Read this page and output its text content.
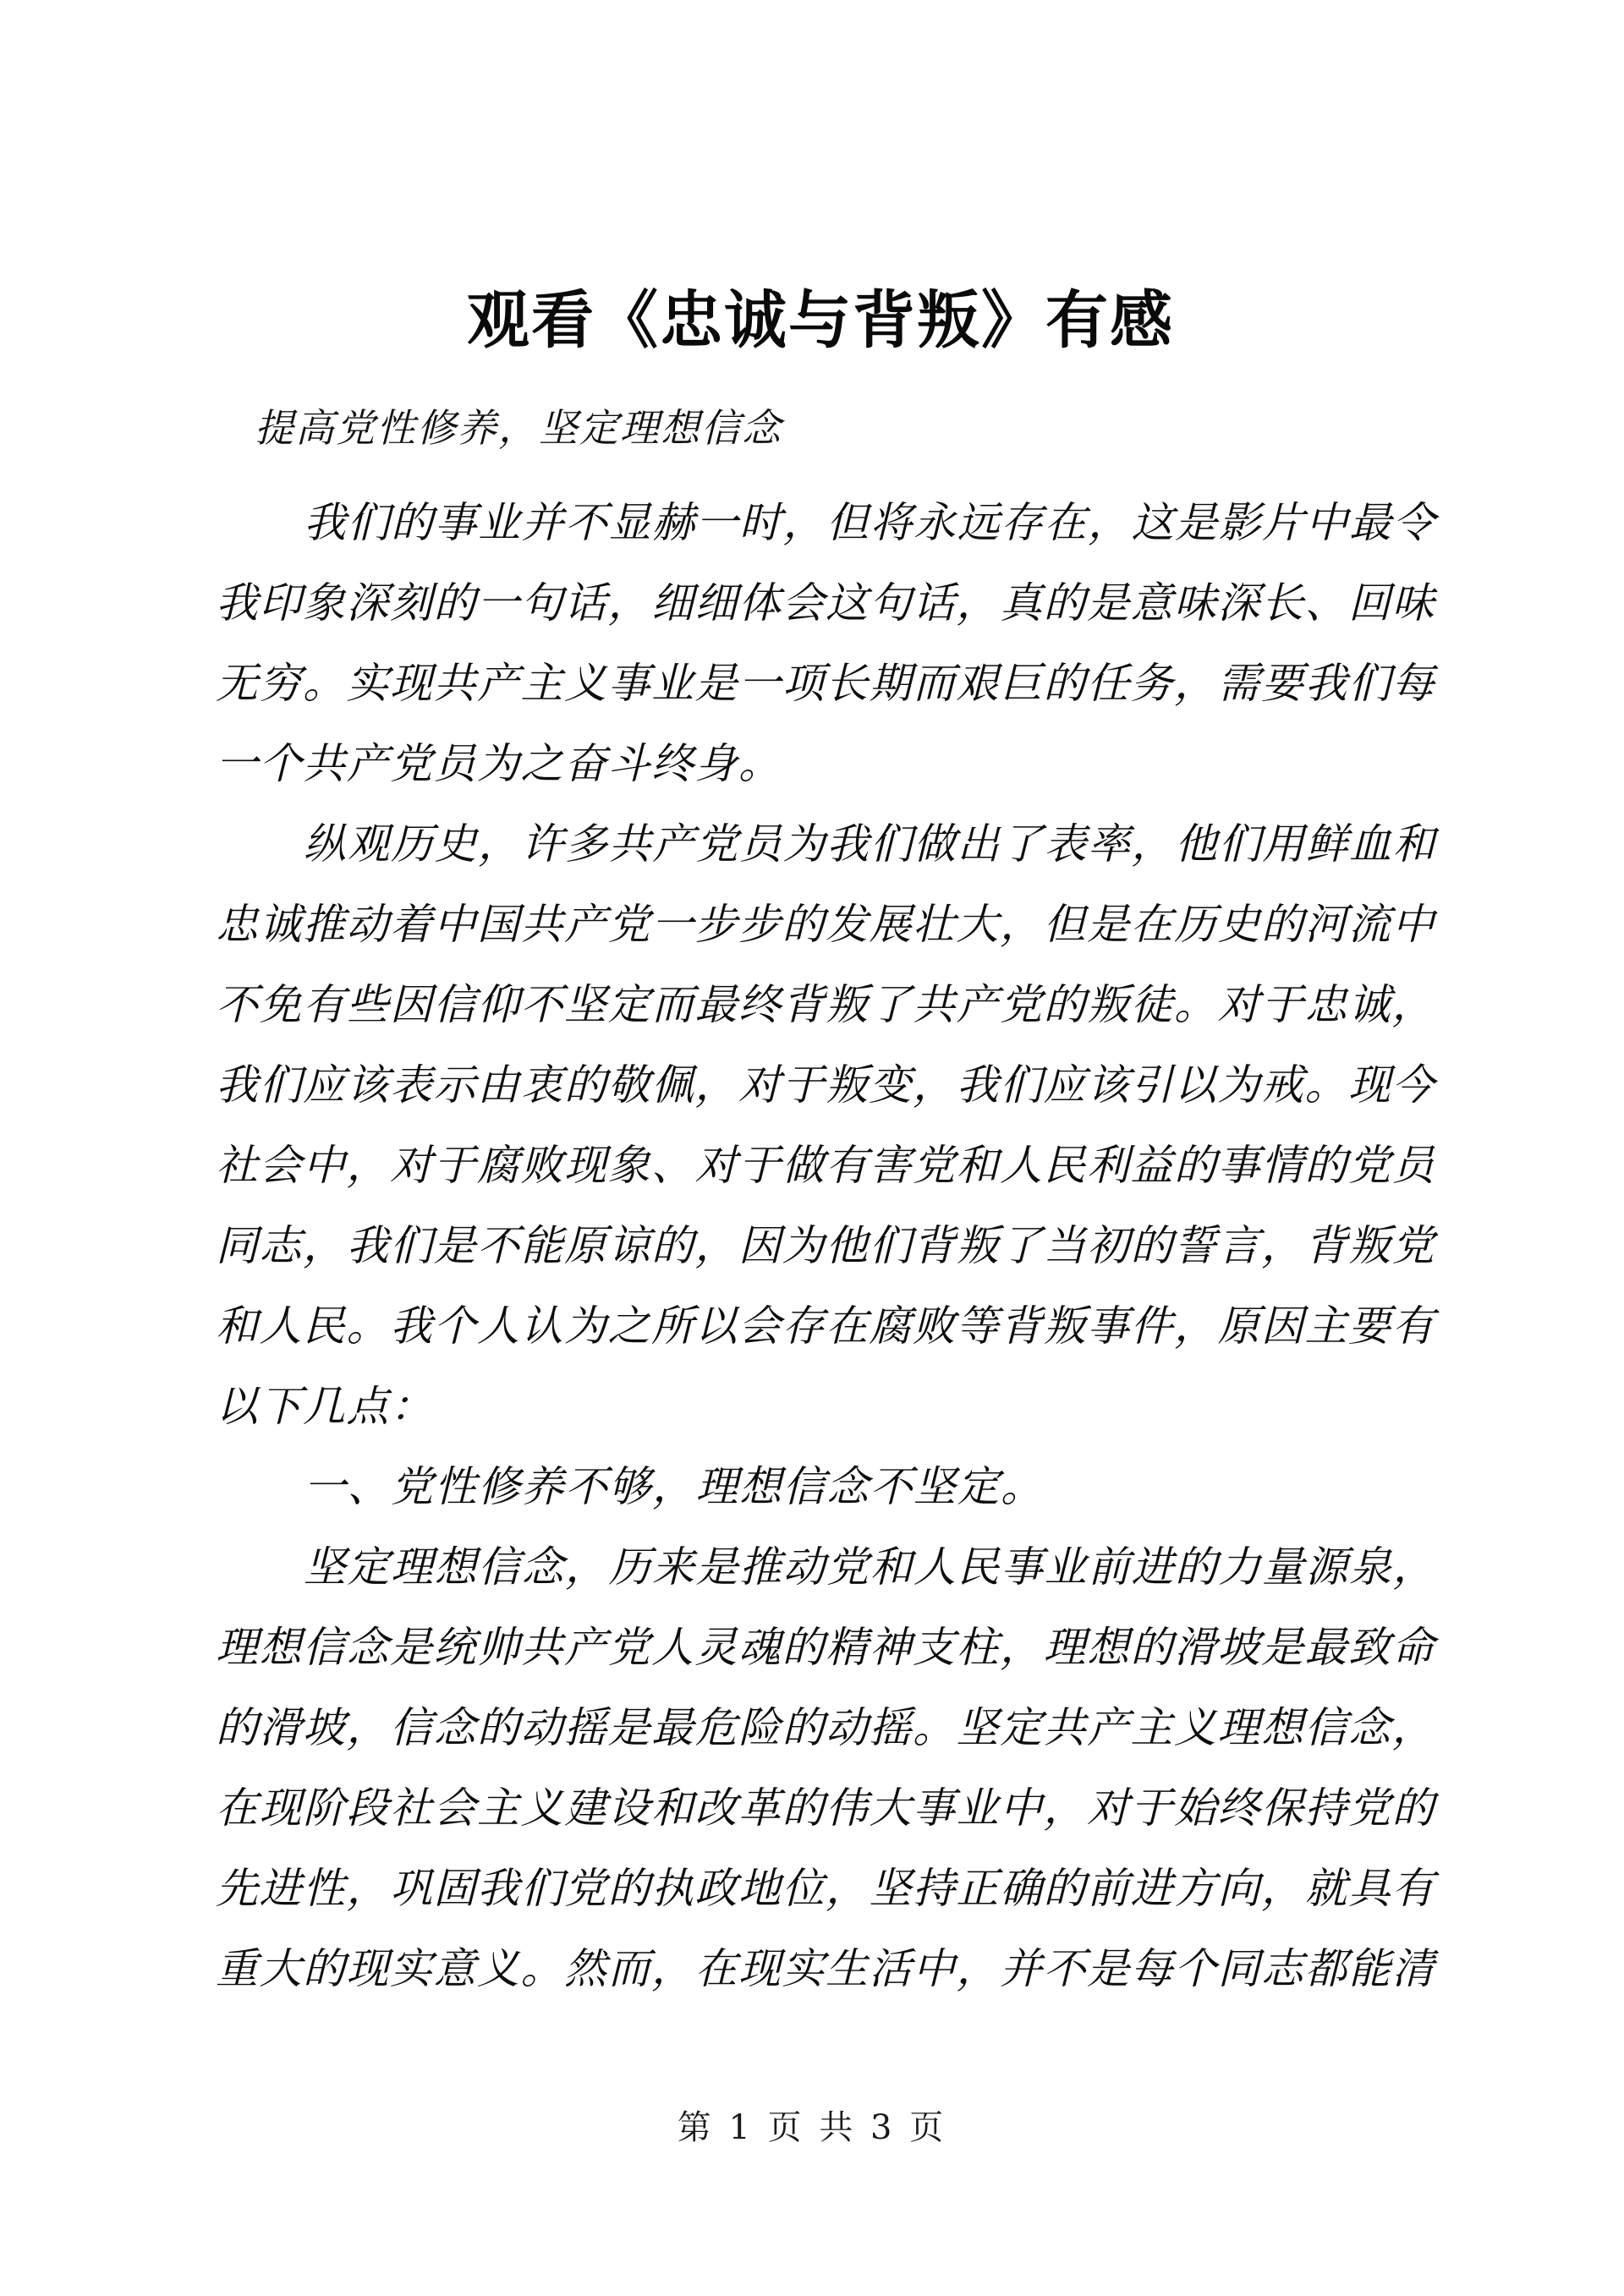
观看《忠诚与背叛》有感

提高党性修养，坚定理想信念

我们的事业并不显赫一时，但将永远存在，这是影片中最令

我印象深刻的一句话，细细体会这句话，真的是意味深长、回味

无穷。实现共产主义事业是一项长期而艰巨的任务，需要我们每

一个共产党员为之奋斗终身。

纵观历史，许多共产党员为我们做出了表率，他们用鲜血和

忠诚推动着中国共产党一步步的发展壮大，但是在历史的河流中

不免有些因信仰不坚定而最终背叛了共产党的叛徒。对于忠诚，

我们应该表示由衷的敬佩，对于叛变，我们应该引以为戒。现今

社会中，对于腐败现象、对于做有害党和人民利益的事情的党员

同志，我们是不能原谅的，因为他们背叛了当初的誓言，背叛党

和人民。我个人认为之所以会存在腐败等背叛事件，原因主要有

以下几点：

一、党性修养不够，理想信念不坚定。

坚定理想信念，历来是推动党和人民事业前进的力量源泉，

理想信念是统帅共产党人灵魂的精神支柱，理想的滑坡是最致命

的滑坡，信念的动摇是最危险的动摇。坚定共产主义理想信念，

在现阶段社会主义建设和改革的伟大事业中，对于始终保持党的

先进性，巩固我们党的执政地位，坚持正确的前进方向，就具有

重大的现实意义。然而，在现实生活中，并不是每个同志都能清

第 1 页 共 3 页
